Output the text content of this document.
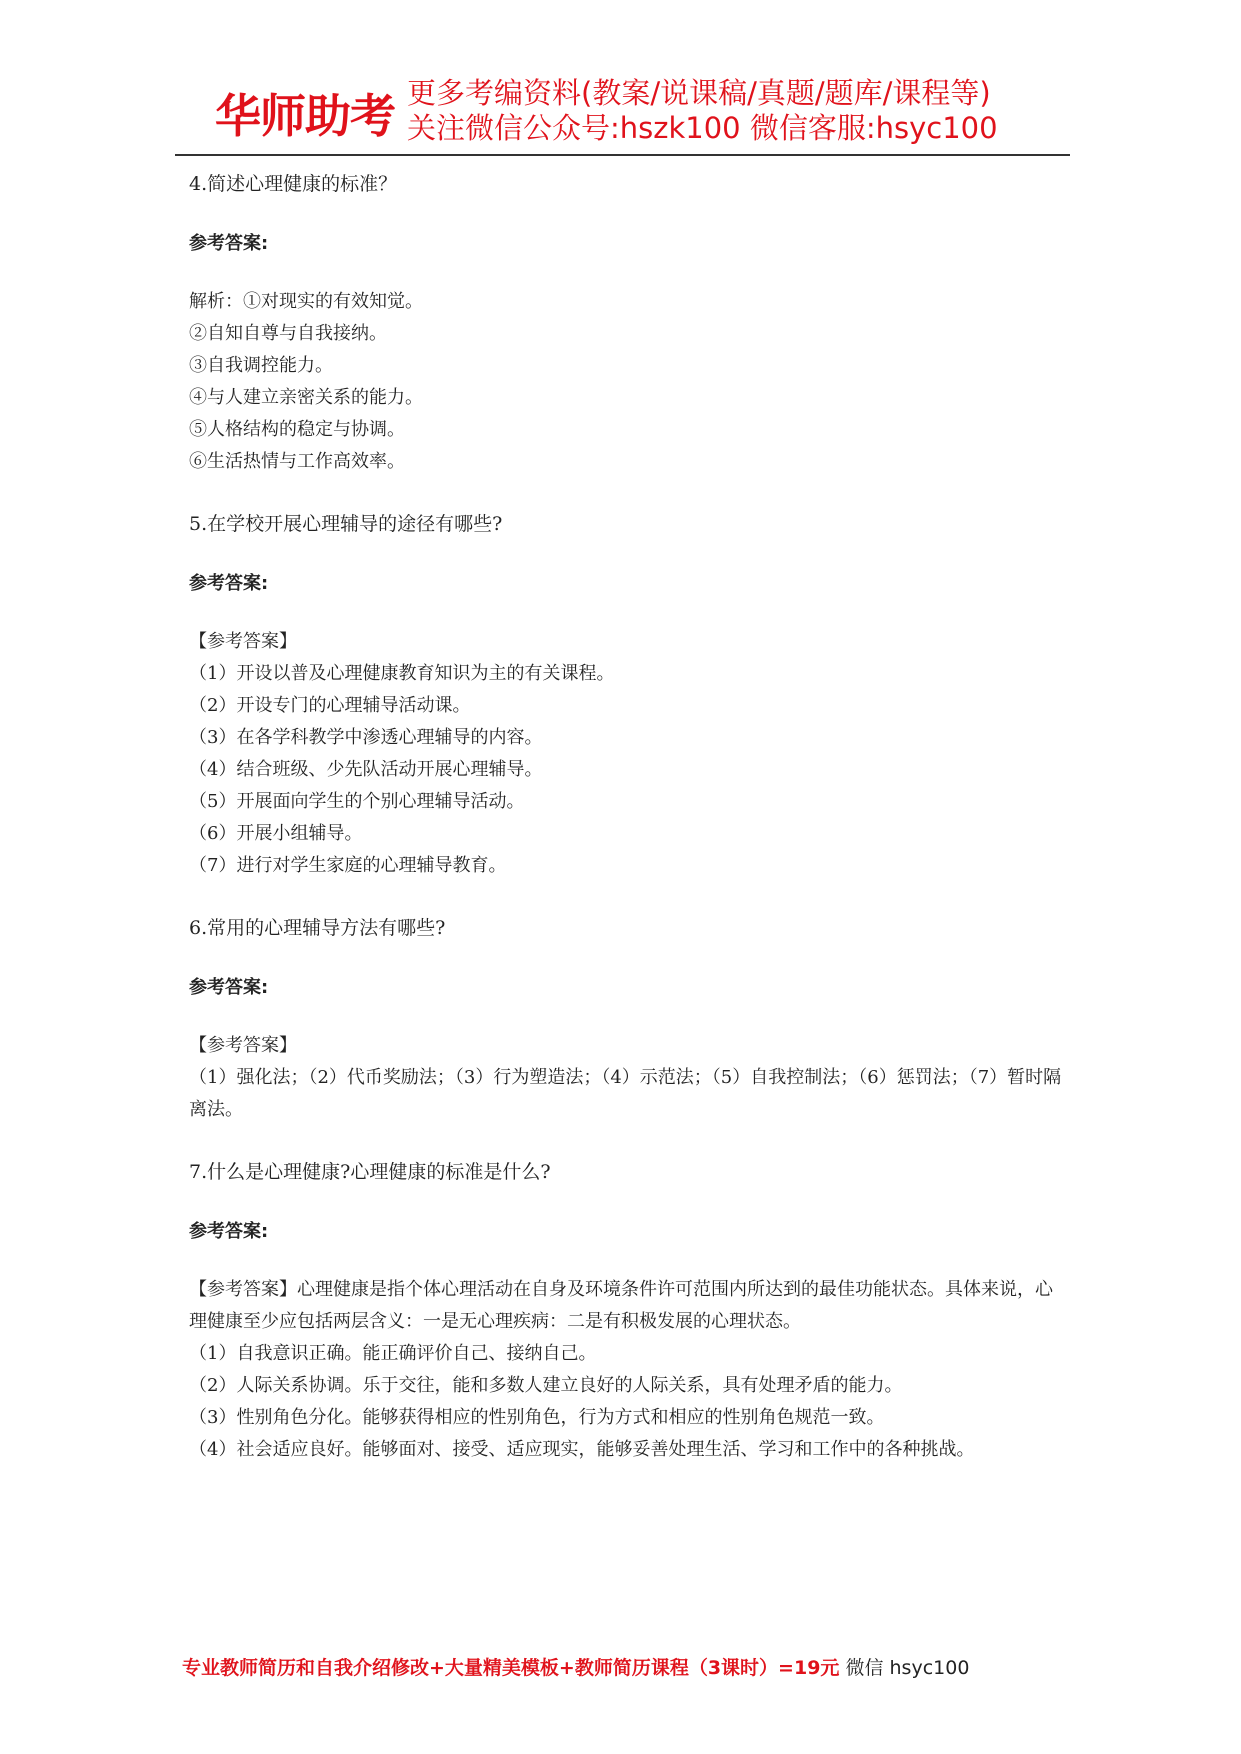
华师助考 更多考编资料(教案/说课稿/真题/题库/课程等)
关注微信公众号:hszk100 微信客服:hsyc100

4.简述心理健康的标准？

参考答案:

解析：①对现实的有效知觉。

②自知自尊与自我接纳。

③自我调控能力。

④与人建立亲密关系的能力。

⑤人格结构的稳定与协调。

⑥生活热情与工作高效率。

5.在学校开展心理辅导的途径有哪些?

参考答案:

【参考答案】

（1）开设以普及心理健康教育知识为主的有关课程。

（2）开设专门的心理辅导活动课。

（3）在各学科教学中渗透心理辅导的内容。

（4）结合班级、少先队活动开展心理辅导。

（5）开展面向学生的个别心理辅导活动。

（6）开展小组辅导。

（7）进行对学生家庭的心理辅导教育。

6.常用的心理辅导方法有哪些?

参考答案:

【参考答案】

（1）强化法；（2）代币奖励法；（3）行为塑造法；（4）示范法；（5）自我控制法；（6）惩罚法；（7）暂时隔离法。

7.什么是心理健康?心理健康的标准是什么?

参考答案:

【参考答案】心理健康是指个体心理活动在自身及环境条件许可范围内所达到的最佳功能状态。具体来说，心理健康至少应包括两层含义：一是无心理疾病：二是有积极发展的心理状态。

（1）自我意识正确。能正确评价自己、接纳自己。

（2）人际关系协调。乐于交往，能和多数人建立良好的人际关系，具有处理矛盾的能力。

（3）性别角色分化。能够获得相应的性别角色，行为方式和相应的性别角色规范一致。

（4）社会适应良好。能够面对、接受、适应现实，能够妥善处理生活、学习和工作中的各种挑战。

专业教师简历和自我介绍修改+大量精美模板+教师简历课程（3课时）=19元 微信 hsyc100
